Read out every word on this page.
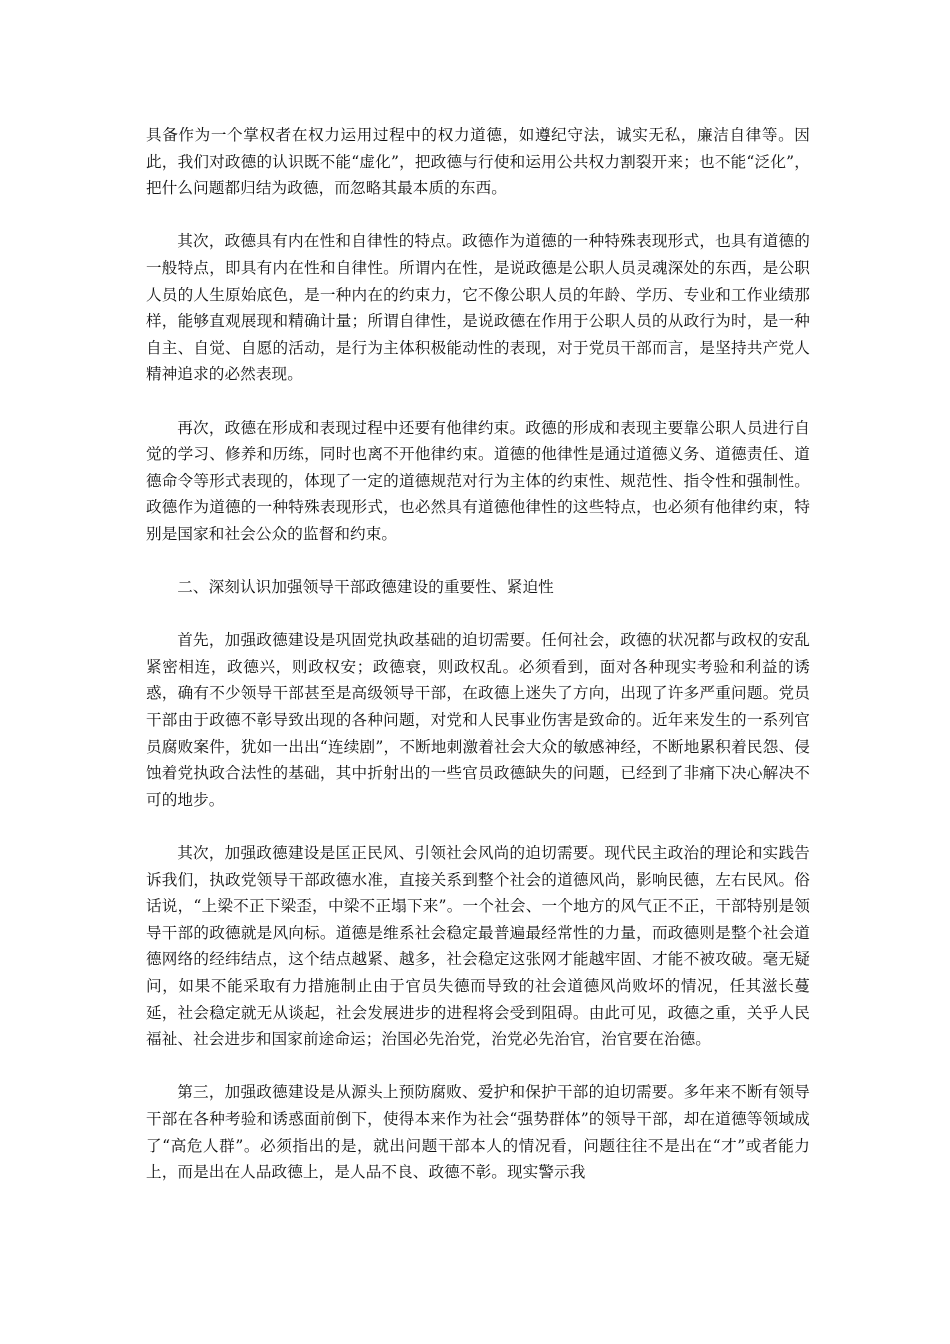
具备作为一个掌权者在权力运用过程中的权力道德，如遵纪守法，诚实无私，廉洁自律等。因此，我们对政德的认识既不能“虚化”，把政德与行使和运用公共权力割裂开来；也不能“泛化”，把什么问题都归结为政德，而忽略其最本质的东西。

其次，政德具有内在性和自律性的特点。政德作为道德的一种特殊表现形式，也具有道德的一般特点，即具有内在性和自律性。所谓内在性，是说政德是公职人员灵魂深处的东西，是公职人员的人生原始底色，是一种内在的约束力，它不像公职人员的年龄、学历、专业和工作业绩那样，能够直观展现和精确计量；所谓自律性，是说政德在作用于公职人员的从政行为时，是一种自主、自觉、自愿的活动，是行为主体积极能动性的表现，对于党员干部而言，是坚持共产党人精神追求的必然表现。

再次，政德在形成和表现过程中还要有他律约束。政德的形成和表现主要靠公职人员进行自觉的学习、修养和历练，同时也离不开他律约束。道德的他律性是通过道德义务、道德责任、道德命令等形式表现的，体现了一定的道德规范对行为主体的约束性、规范性、指令性和强制性。政德作为道德的一种特殊表现形式，也必然具有道德他律性的这些特点，也必须有他律约束，特别是国家和社会公众的监督和约束。

二、深刻认识加强领导干部政德建设的重要性、紧迫性

首先，加强政德建设是巩固党执政基础的迫切需要。任何社会，政德的状况都与政权的安乱紧密相连，政德兴，则政权安；政德衰，则政权乱。必须看到，面对各种现实考验和利益的诱惑，确有不少领导干部甚至是高级领导干部，在政德上迷失了方向，出现了许多严重问题。党员干部由于政德不彰导致出现的各种问题，对党和人民事业伤害是致命的。近年来发生的一系列官员腐败案件，犹如一出出“连续剧”，不断地刺激着社会大众的敏感神经，不断地累积着民怨、侵蚀着党执政合法性的基础，其中折射出的一些官员政德缺失的问题，已经到了非痛下决心解决不可的地步。

其次，加强政德建设是匡正民风、引领社会风尚的迫切需要。现代民主政治的理论和实践告诉我们，执政党领导干部政德水准，直接关系到整个社会的道德风尚，影响民德，左右民风。俗话说，“上梁不正下梁歪，中梁不正塌下来”。一个社会、一个地方的风气正不正，干部特别是领导干部的政德就是风向标。道德是维系社会稳定最普遍最经常性的力量，而政德则是整个社会道德网络的经纬结点，这个结点越紧、越多，社会稳定这张网才能越牢固、才能不被攻破。毫无疑问，如果不能采取有力措施制止由于官员失德而导致的社会道德风尚败坏的情况，任其滋长蔓延，社会稳定就无从谈起，社会发展进步的进程将会受到阻碍。由此可见，政德之重，关乎人民福祉、社会进步和国家前途命运；治国必先治党，治党必先治官，治官要在治德。

第三，加强政德建设是从源头上预防腐败、爱护和保护干部的迫切需要。多年来不断有领导干部在各种考验和诱惑面前倒下，使得本来作为社会“强势群体”的领导干部，却在道德等领域成了“高危人群”。必须指出的是，就出问题干部本人的情况看，问题往往不是出在“才”或者能力上，而是出在人品政德上，是人品不良、政德不彰。现实警示我
